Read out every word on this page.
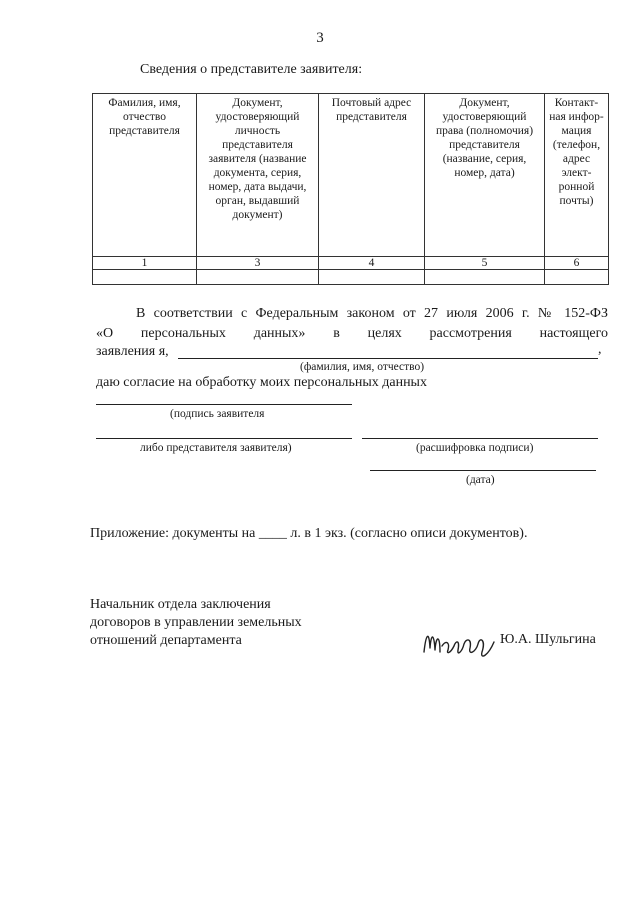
3
Сведения о представителе заявителя:
Фамилия, имя, отчество представителя	Документ, удостоверяющий личность представителя заявителя (название документа, серия, номер, дата выдачи, орган, выдавший документ)	Почтовый адрес представителя	Документ, удостоверяющий права (полномочия) представителя (название, серия, номер, дата)	Контакт-ная инфор-мация (телефон, адрес элект-ронной почты)
1	3	4	5	6

В соответствии с Федеральным законом от 27 июля 2006 г. № 152-ФЗ
«О персональных данных» в целях рассмотрения настоящего
заявления я,	,
(фамилия, имя, отчество)
даю согласие на обработку моих персональных данных
(подпись заявителя
либо представителя заявителя)	(расшифровка подписи)
(дата)
Приложение: документы на ____ л. в 1 экз. (согласно описи документов).
Начальник отдела заключения
договоров в управлении земельных
отношений департамента	Ю.А. Шульгина
